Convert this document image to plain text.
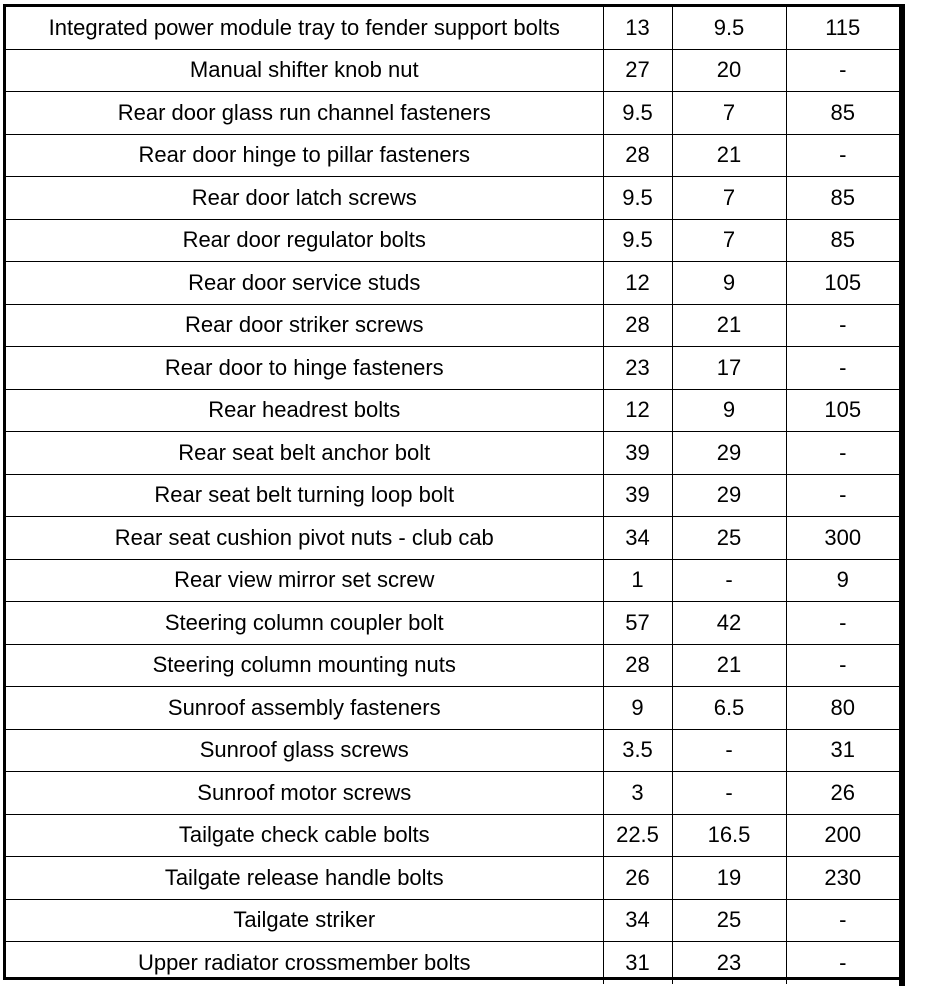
Integrated power module tray to fender support bolts	13	9.5	115
Manual shifter knob nut	27	20	-
Rear door glass run channel fasteners	9.5	7	85
Rear door hinge to pillar fasteners	28	21	-
Rear door latch screws	9.5	7	85
Rear door regulator bolts	9.5	7	85
Rear door service studs	12	9	105
Rear door striker screws	28	21	-
Rear door to hinge fasteners	23	17	-
Rear headrest bolts	12	9	105
Rear seat belt anchor bolt	39	29	-
Rear seat belt turning loop bolt	39	29	-
Rear seat cushion pivot nuts - club cab	34	25	300
Rear view mirror set screw	1	-	9
Steering column coupler bolt	57	42	-
Steering column mounting nuts	28	21	-
Sunroof assembly fasteners	9	6.5	80
Sunroof glass screws	3.5	-	31
Sunroof motor screws	3	-	26
Tailgate check cable bolts	22.5	16.5	200
Tailgate release handle bolts	26	19	230
Tailgate striker	34	25	-
Upper radiator crossmember bolts	31	23	-
